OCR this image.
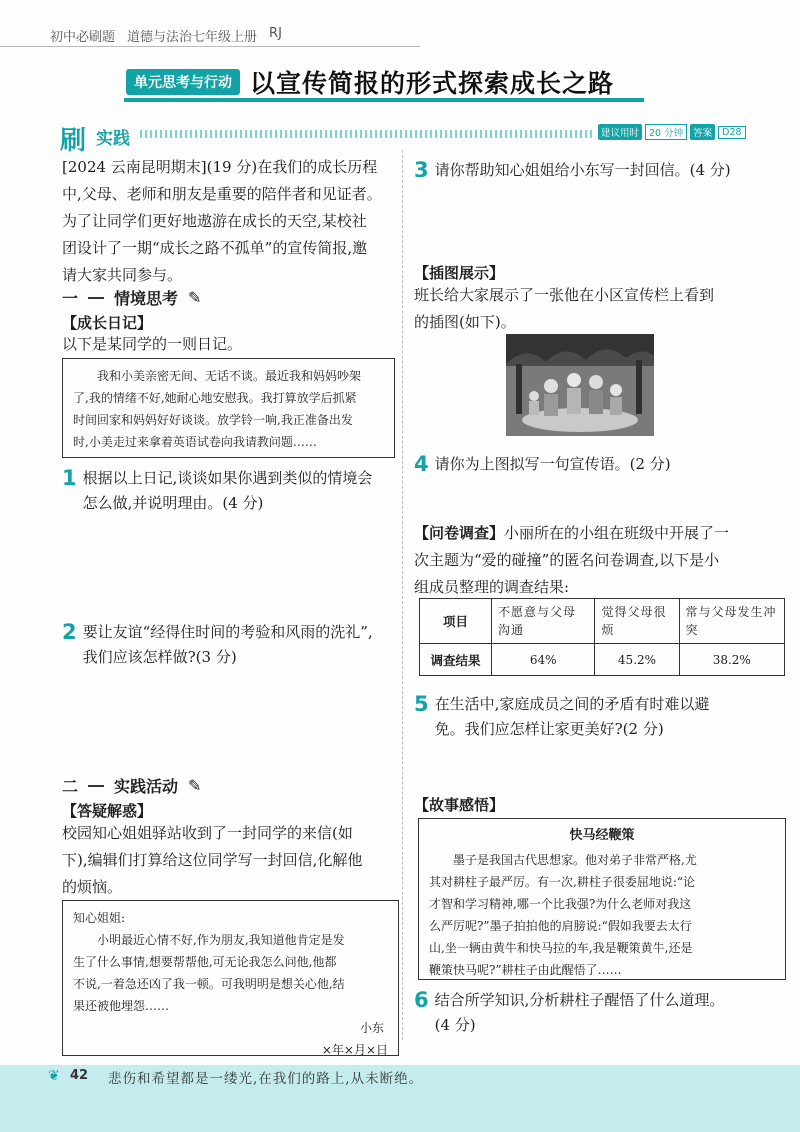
初中必刷题 道德与法治七年级上册 RJ
单元思考与行动 以宣传简报的形式探索成长之路
刷 实践	建议用时	20 分钟	答案	D28
[2024 云南昆明期末](19 分)在我们的成长历程
中,父母、老师和朋友是重要的陪伴者和见证者。
为了让同学们更好地遨游在成长的天空,某校社
团设计了一期“成长之路不孤单”的宣传简报,邀
请大家共同参与。
一 情境思考 ✎
【成长日记】
以下是某同学的一则日记。
我和小美亲密无间、无话不谈。最近我和妈妈吵架
了,我的情绪不好,她耐心地安慰我。我打算放学后抓紧
时间回家和妈妈好好谈谈。放学铃一响,我正准备出发
时,小美走过来拿着英语试卷向我请教问题……
1 根据以上日记,谈谈如果你遇到类似的情境会
怎么做,并说明理由。(4 分)
2 要让友谊“经得住时间的考验和风雨的洗礼”,
我们应该怎样做?(3 分)
二 实践活动 ✎
【答疑解惑】
校园知心姐姐驿站收到了一封同学的来信(如
下),编辑们打算给这位同学写一封回信,化解他
的烦恼。
知心姐姐:
小明最近心情不好,作为朋友,我知道他肯定是发
生了什么事情,想要帮帮他,可无论我怎么问他,他都
不说,一着急还凶了我一顿。可我明明是想关心他,结
果还被他埋怨……
小东
×年×月×日
3 请你帮助知心姐姐给小东写一封回信。(4 分)
【插图展示】
班长给大家展示了一张他在小区宣传栏上看到
的插图(如下)。
4 请你为上图拟写一句宣传语。(2 分)
【问卷调查】小丽所在的小组在班级中开展了一
次主题为“爱的碰撞”的匿名问卷调查,以下是小
组成员整理的调查结果:
项目	不愿意与父母沟通	觉得父母很烦	常与父母发生冲突
调查结果	64%	45.2%	38.2%
5 在生活中,家庭成员之间的矛盾有时难以避
免。我们应怎样让家更美好?(2 分)
【故事感悟】
快马经鞭策
墨子是我国古代思想家。他对弟子非常严格,尤
其对耕柱子最严厉。有一次,耕柱子很委屈地说:“论
才智和学习精神,哪一个比我强?为什么老师对我这
么严厉呢?”墨子拍拍他的肩膀说:“假如我要去太行
山,坐一辆由黄牛和快马拉的车,我是鞭策黄牛,还是
鞭策快马呢?”耕柱子由此醒悟了……
6 结合所学知识,分析耕柱子醒悟了什么道理。
(4 分)
❦ 42 悲伤和希望都是一缕光,在我们的路上,从未断绝。
